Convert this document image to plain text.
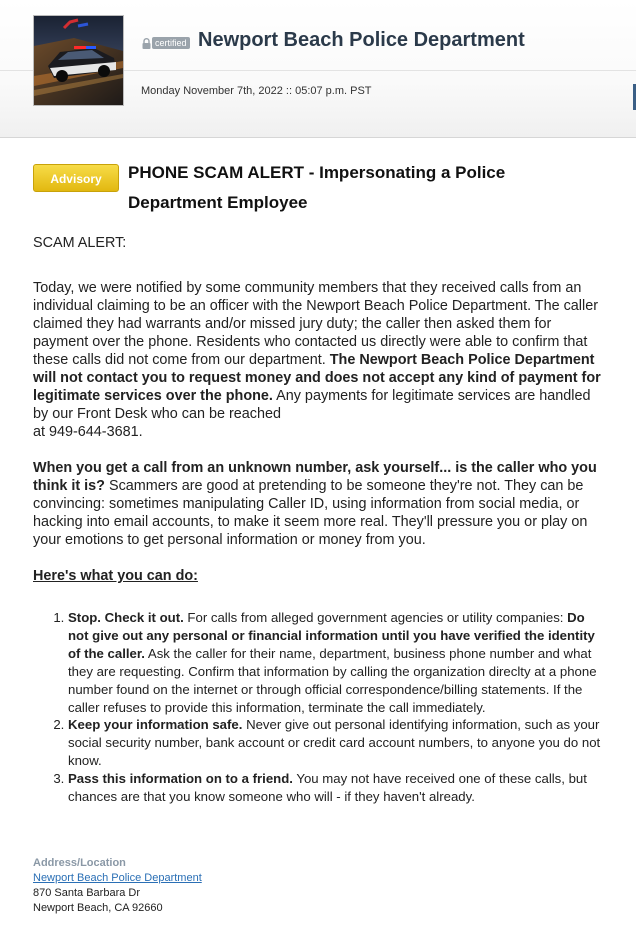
certified Newport Beach Police Department
Monday November 7th, 2022 :: 05:07 p.m. PST
Advisory	PHONE SCAM ALERT - Impersonating a Police Department Employee

SCAM ALERT:

Today, we were notified by some community members that they received calls from an individual claiming to be an officer with the Newport Beach Police Department. The caller claimed they had warrants and/or missed jury duty; the caller then asked them for payment over the phone. Residents who contacted us directly were able to confirm that these calls did not come from our department. The Newport Beach Police Department will not contact you to request money and does not accept any kind of payment for legitimate services over the phone. Any payments for legitimate services are handled by our Front Desk who can be reached
at 949-644-3681.

When you get a call from an unknown number, ask yourself... is the caller who you think it is? Scammers are good at pretending to be someone they're not. They can be convincing: sometimes manipulating Caller ID, using information from social media, or hacking into email accounts, to make it seem more real. They'll pressure you or play on your emotions to get personal information or money from you.

Here's what you can do:

1. Stop. Check it out. For calls from alleged government agencies or utility companies: Do not give out any personal or financial information until you have verified the identity of the caller. Ask the caller for their name, department, business phone number and what they are requesting. Confirm that information by calling the organization direclty at a phone number found on the internet or through official correspondence/billing statements. If the caller refuses to provide this information, terminate the call immediately.
2. Keep your information safe. Never give out personal identifying information, such as your social security number, bank account or credit card account numbers, to anyone you do not know.
3. Pass this information on to a friend. You may not have received one of these calls, but chances are that you know someone who will - if they haven't already.
Address/Location
Newport Beach Police Department
870 Santa Barbara Dr
Newport Beach, CA 92660
